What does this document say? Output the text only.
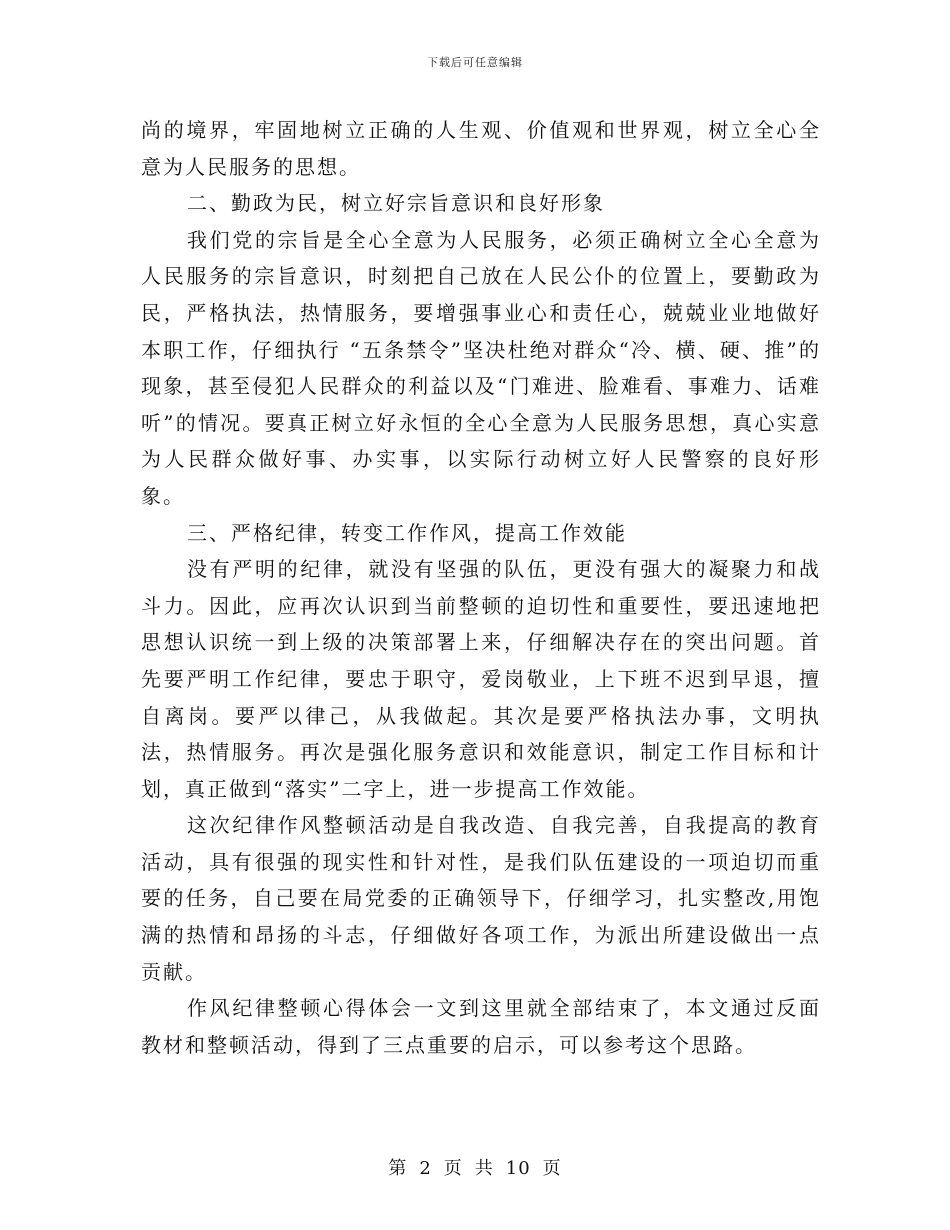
下载后可任意编辑

尚的境界，牢固地树立正确的人生观、价值观和世界观，树立全心全意为人民服务的思想。

二、勤政为民，树立好宗旨意识和良好形象

我们党的宗旨是全心全意为人民服务，必须正确树立全心全意为人民服务的宗旨意识，时刻把自己放在人民公仆的位置上，要勤政为民，严格执法，热情服务，要增强事业心和责任心，兢兢业业地做好本职工作，仔细执行 “五条禁令”坚决杜绝对群众“冷、横、硬、推”的现象，甚至侵犯人民群众的利益以及“门难进、脸难看、事难力、话难听”的情况。要真正树立好永恒的全心全意为人民服务思想，真心实意为人民群众做好事、办实事，以实际行动树立好人民警察的良好形象。

三、严格纪律，转变工作作风，提高工作效能

没有严明的纪律，就没有坚强的队伍，更没有强大的凝聚力和战斗力。因此，应再次认识到当前整顿的迫切性和重要性，要迅速地把思想认识统一到上级的决策部署上来，仔细解决存在的突出问题。首先要严明工作纪律，要忠于职守，爱岗敬业，上下班不迟到早退，擅自离岗。要严以律己，从我做起。其次是要严格执法办事，文明执法，热情服务。再次是强化服务意识和效能意识，制定工作目标和计划，真正做到“落实”二字上，进一步提高工作效能。

这次纪律作风整顿活动是自我改造、自我完善，自我提高的教育活动，具有很强的现实性和针对性，是我们队伍建设的一项迫切而重要的任务，自己要在局党委的正确领导下，仔细学习，扎实整改,用饱满的热情和昂扬的斗志，仔细做好各项工作，为派出所建设做出一点贡献。

作风纪律整顿心得体会一文到这里就全部结束了，本文通过反面教材和整顿活动，得到了三点重要的启示，可以参考这个思路。

第 2 页 共 10 页
